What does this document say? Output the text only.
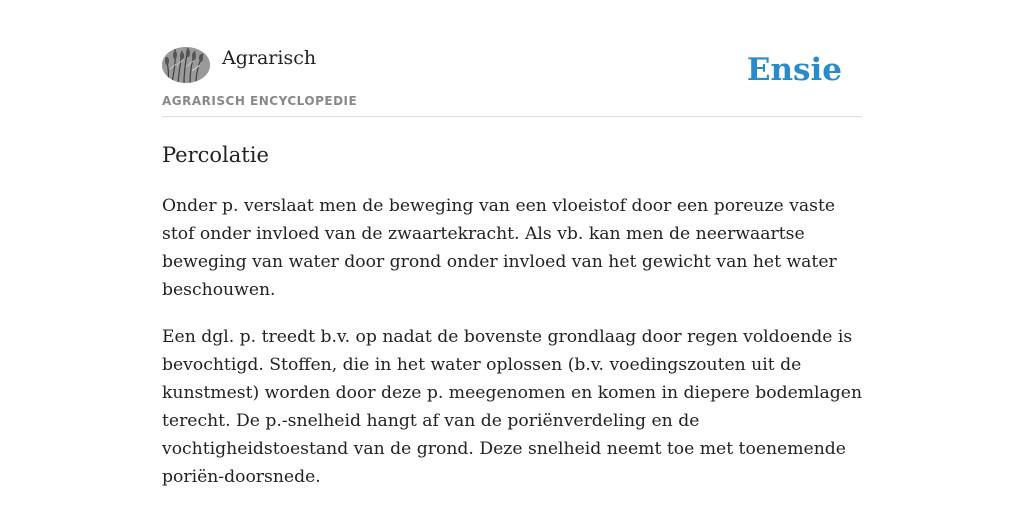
Agrarisch
AGRARISCH ENCYCLOPEDIE
Ensie
Percolatie

Onder p. verslaat men de beweging van een vloeistof door een poreuze vaste stof onder invloed van de zwaartekracht. Als vb. kan men de neerwaartse beweging van water door grond onder invloed van het gewicht van het water beschouwen.

Een dgl. p. treedt b.v. op nadat de bovenste grondlaag door regen voldoende is bevochtigd. Stoffen, die in het water oplossen (b.v. voedingszouten uit de kunstmest) worden door deze p. meegenomen en komen in diepere bodemlagen terecht. De p.-snelheid hangt af van de poriënverdeling en de vochtigheidstoestand van de grond. Deze snelheid neemt toe met toenemende poriën-doorsnede.
